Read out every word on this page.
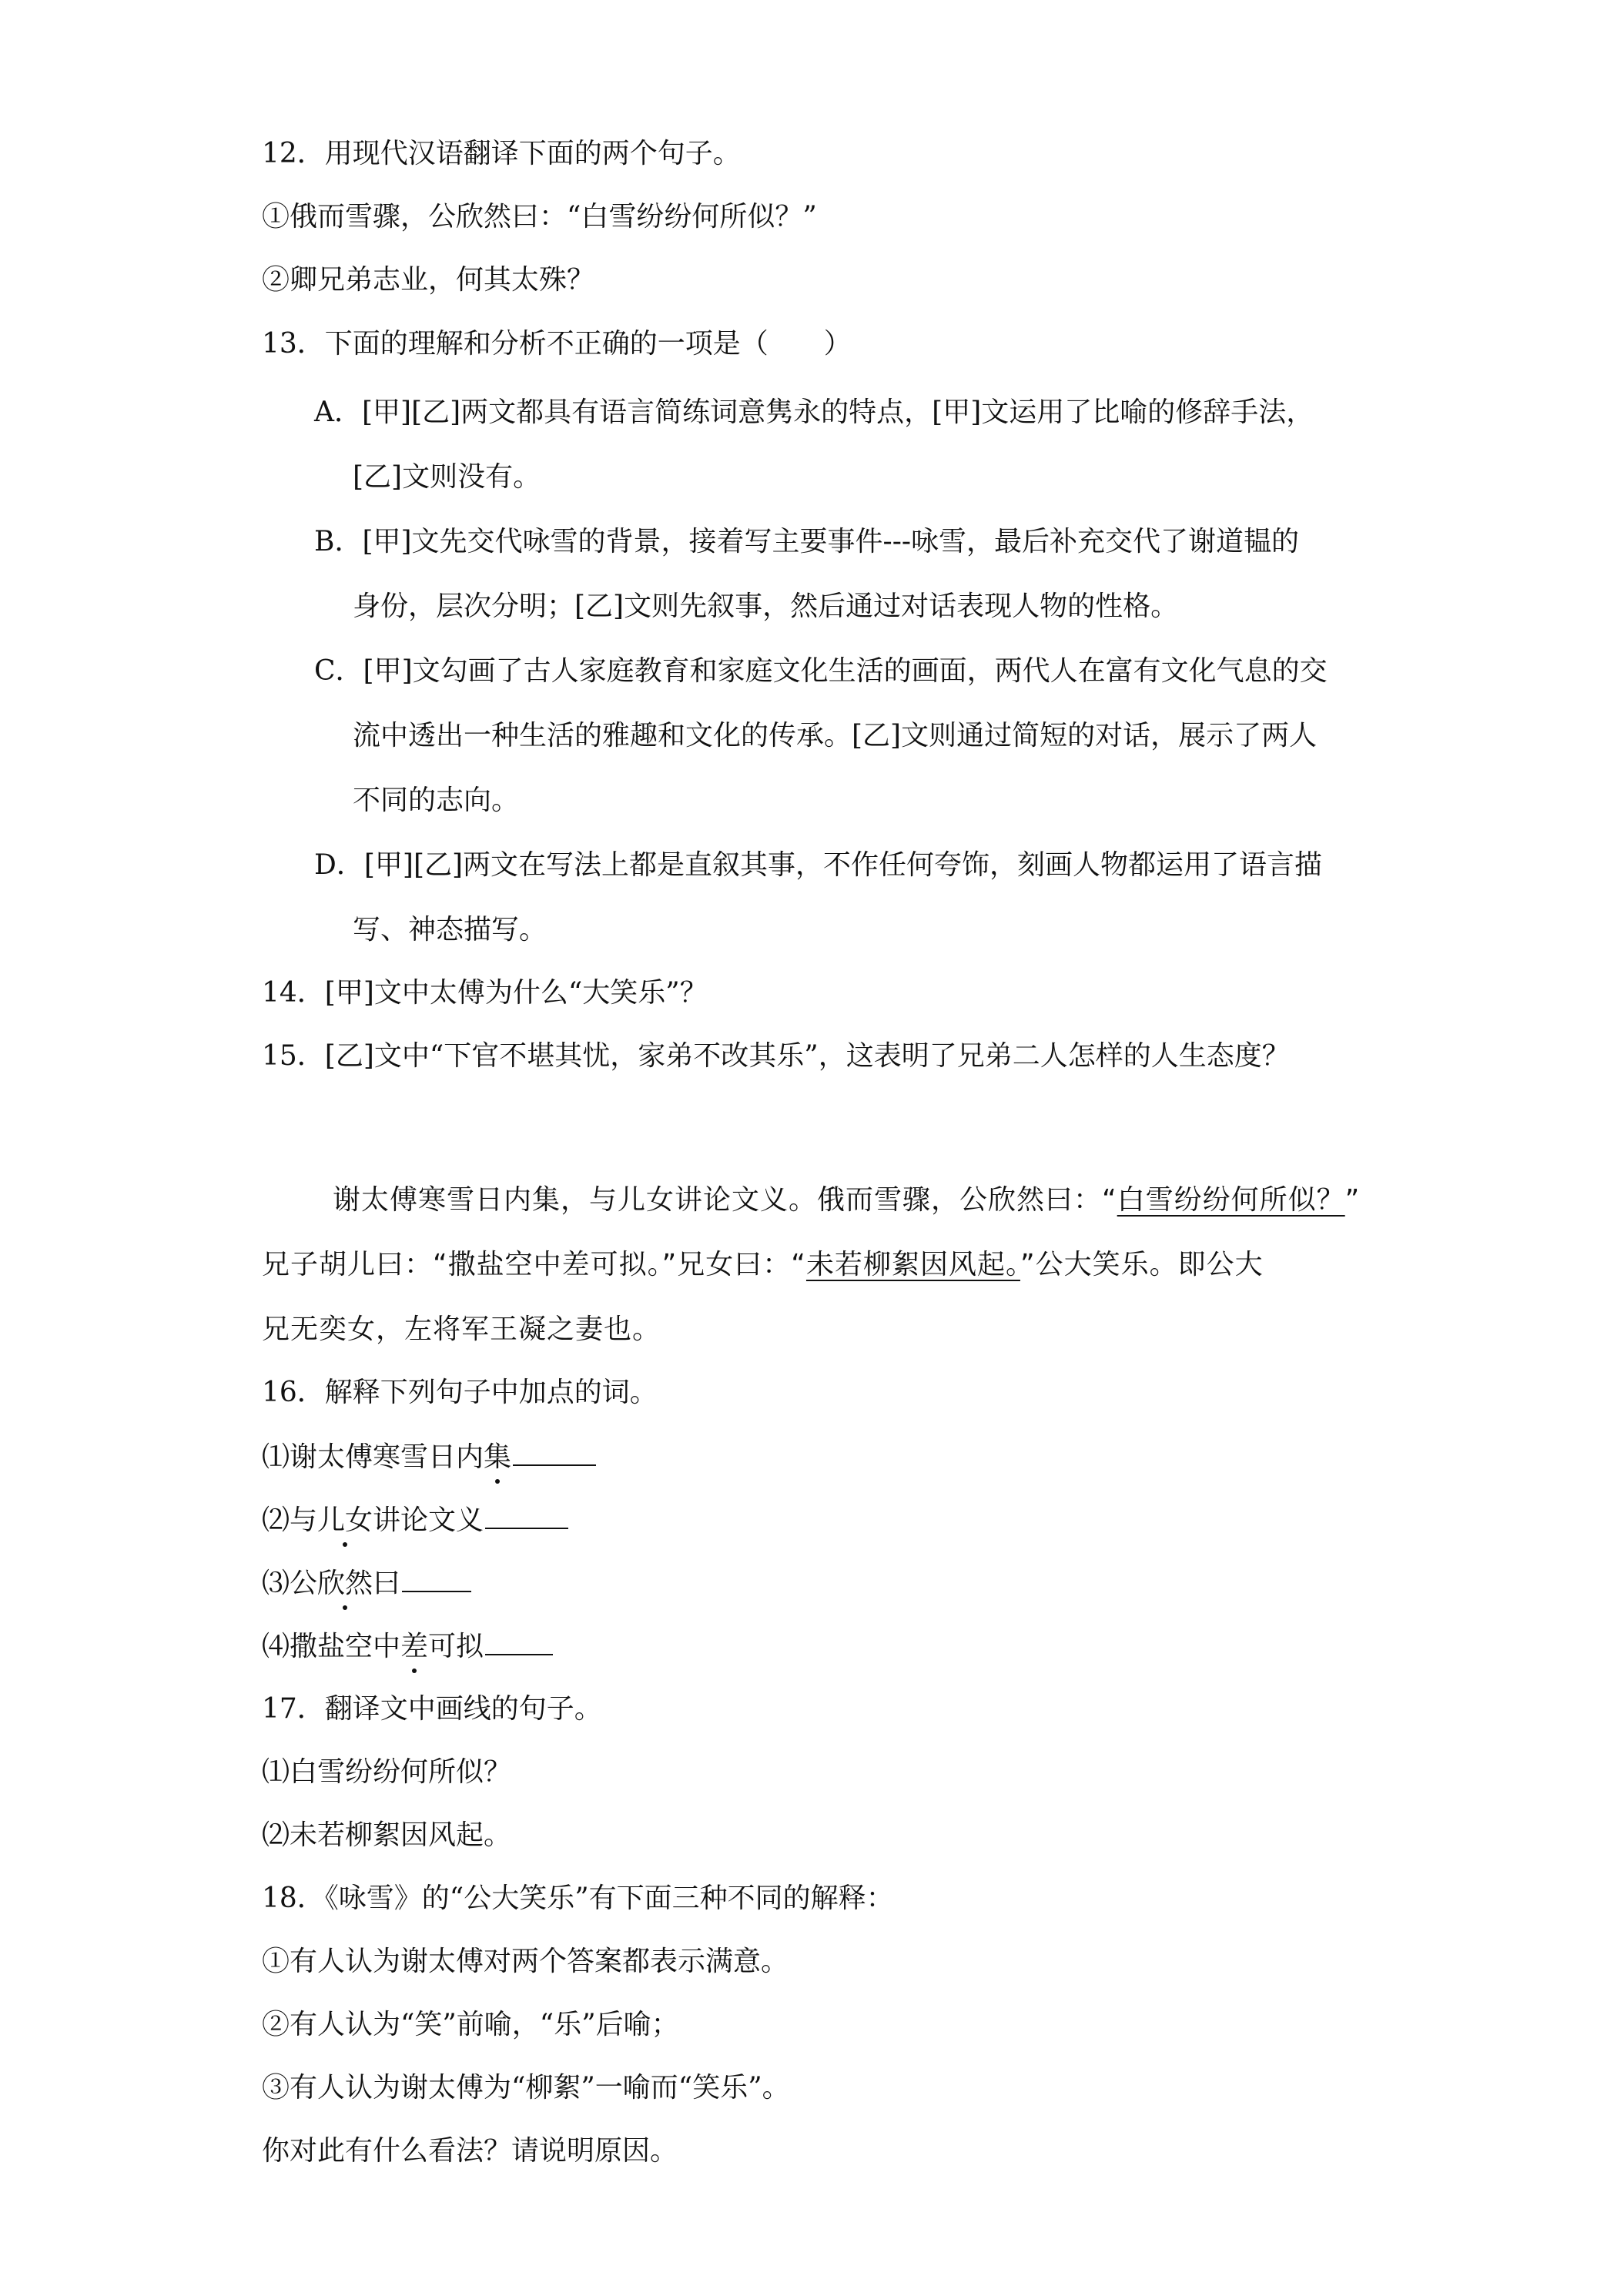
12．用现代汉语翻译下面的两个句子。
①俄而雪骤，公欣然曰：“白雪纷纷何所似？”
②卿兄弟志业，何其太殊？
13．下面的理解和分析不正确的一项是（　　）
A．[甲][乙]两文都具有语言简练词意隽永的特点，[甲]文运用了比喻的修辞手法，
[乙]文则没有。
B．[甲]文先交代咏雪的背景，接着写主要事件---咏雪，最后补充交代了谢道韫的
身份，层次分明；[乙]文则先叙事，然后通过对话表现人物的性格。
C．[甲]文勾画了古人家庭教育和家庭文化生活的画面，两代人在富有文化气息的交
流中透出一种生活的雅趣和文化的传承。[乙]文则通过简短的对话，展示了两人
不同的志向。
D．[甲][乙]两文在写法上都是直叙其事，不作任何夸饰，刻画人物都运用了语言描
写、神态描写。
14．[甲]文中太傅为什么“大笑乐”？
15．[乙]文中“下官不堪其忧，家弟不改其乐”，这表明了兄弟二人怎样的人生态度？
谢太傅寒雪日内集，与儿女讲论文义。俄而雪骤，公欣然曰：“白雪纷纷何所似？”
兄子胡儿曰：“撒盐空中差可拟。”兄女曰：“未若柳絮因风起。”公大笑乐。即公大
兄无奕女，左将军王凝之妻也。
16．解释下列句子中加点的词。
⑴谢太傅寒雪日内集
⑵与儿女讲论文义
⑶公欣然曰
⑷撒盐空中差可拟
17．翻译文中画线的句子。
⑴白雪纷纷何所似？
⑵未若柳絮因风起。
18．《咏雪》的“公大笑乐”有下面三种不同的解释：
①有人认为谢太傅对两个答案都表示满意。
②有人认为“笑”前喻，“乐”后喻；
③有人认为谢太傅为“柳絮”一喻而“笑乐”。
你对此有什么看法？请说明原因。
